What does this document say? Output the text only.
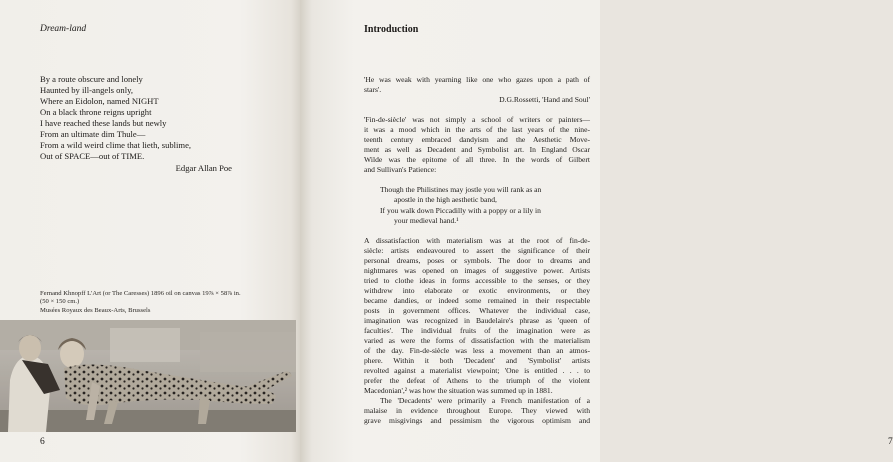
Dream-land
By a route obscure and lonely
Haunted by ill-angels only,
Where an Eidolon, named NIGHT
On a black throne reigns upright
I have reached these lands but newly
From an ultimate dim Thule—
From a wild weird clime that lieth, sublime,
Out of SPACE—out of TIME.
Edgar Allan Poe
Fernand Khnopff L'Art (or The Caresses) 1896 oil on canvas 19⅞ × 58⅞ in.
(50 × 150 cm.)
Musées Royaux des Beaux-Arts, Brussels
6
Introduction
7
'He was weak with yearning like one who gazes upon a path of
stars'.
D.G.Rossetti, 'Hand and Soul'
'Fin-de-siècle' was not simply a school of writers or painters—
it was a mood which in the arts of the last years of the nine-
teenth century embraced dandyism and the Aesthetic Move-
ment as well as Decadent and Symbolist art. In England Oscar
Wilde was the epitome of all three. In the words of Gilbert
and Sullivan's Patience:
Though the Philistines may jostle you will rank as an
apostle in the high aesthetic band,
If you walk down Piccadilly with a poppy or a lily in
your medieval hand.¹
A dissatisfaction with materialism was at the root of fin-de-
siècle: artists endeavoured to assert the significance of their
personal dreams, poses or symbols. The door to dreams and
nightmares was opened on images of suggestive power. Artists
tried to clothe ideas in forms accessible to the senses, or they
withdrew into elaborate or exotic environments, or they
became dandies, or indeed some remained in their respectable
posts in government offices. Whatever the individual case,
imagination was recognized in Baudelaire's phrase as 'queen of
faculties'. The individual fruits of the imagination were as
varied as were the forms of dissatisfaction with the materialism
of the day. Fin-de-siècle was less a movement than an atmos-
phere. Within it both 'Decadent' and 'Symbolist' artists
revolted against a materialist viewpoint; 'One is entitled . . . to
prefer the defeat of Athens to the triumph of the violent
Macedonian',² was how the situation was summed up in 1881.
The 'Decadents' were primarily a French manifestation of a
malaise in evidence throughout Europe. They viewed with
grave misgivings and pessimism the vigorous optimism and
